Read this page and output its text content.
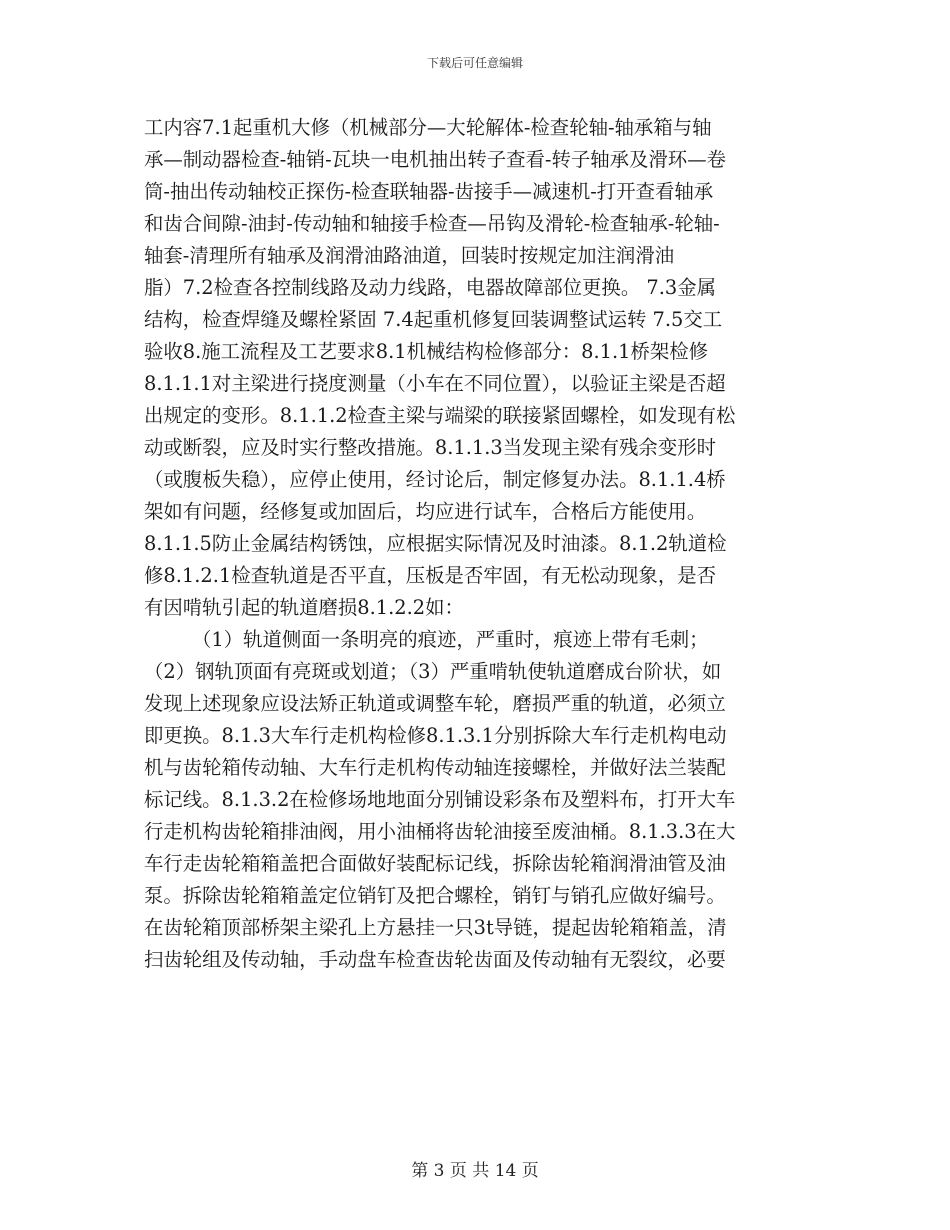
下载后可任意编辑
工内容7.1起重机大修（机械部分—大轮解体-检查轮轴-轴承箱与轴
承—制动器检查-轴销-瓦块一电机抽出转子查看-转子轴承及滑环—卷
筒-抽出传动轴校正探伤-检查联轴器-齿接手—减速机-打开查看轴承
和齿合间隙-油封-传动轴和轴接手检查—吊钩及滑轮-检查轴承-轮轴-
轴套-清理所有轴承及润滑油路油道，回装时按规定加注润滑油
脂）7.2检查各控制线路及动力线路，电器故障部位更换。 7.3金属
结构，检查焊缝及螺栓紧固 7.4起重机修复回装调整试运转 7.5交工
验收8.施工流程及工艺要求8.1机械结构检修部分：8.1.1桥架检修
8.1.1.1对主梁进行挠度测量（小车在不同位置），以验证主梁是否超
出规定的变形。8.1.1.2检查主梁与端梁的联接紧固螺栓，如发现有松
动或断裂，应及时实行整改措施。8.1.1.3当发现主梁有残余变形时
（或腹板失稳），应停止使用，经讨论后，制定修复办法。8.1.1.4桥
架如有问题，经修复或加固后，均应进行试车，合格后方能使用。
8.1.1.5防止金属结构锈蚀，应根据实际情况及时油漆。8.1.2轨道检
修8.1.2.1检查轨道是否平直，压板是否牢固，有无松动现象，是否
有因啃轨引起的轨道磨损8.1.2.2如：
（1）轨道侧面一条明亮的痕迹，严重时，痕迹上带有毛刺；
（2）钢轨顶面有亮斑或划道；（3）严重啃轨使轨道磨成台阶状，如
发现上述现象应设法矫正轨道或调整车轮，磨损严重的轨道，必须立
即更换。8.1.3大车行走机构检修8.1.3.1分别拆除大车行走机构电动
机与齿轮箱传动轴、大车行走机构传动轴连接螺栓，并做好法兰装配
标记线。8.1.3.2在检修场地地面分别铺设彩条布及塑料布，打开大车
行走机构齿轮箱排油阀，用小油桶将齿轮油接至废油桶。8.1.3.3在大
车行走齿轮箱箱盖把合面做好装配标记线，拆除齿轮箱润滑油管及油
泵。拆除齿轮箱箱盖定位销钉及把合螺栓，销钉与销孔应做好编号。
在齿轮箱顶部桥架主梁孔上方悬挂一只3t导链，提起齿轮箱箱盖，清
扫齿轮组及传动轴，手动盘车检查齿轮齿面及传动轴有无裂纹，必要
第 3 页 共 14 页
